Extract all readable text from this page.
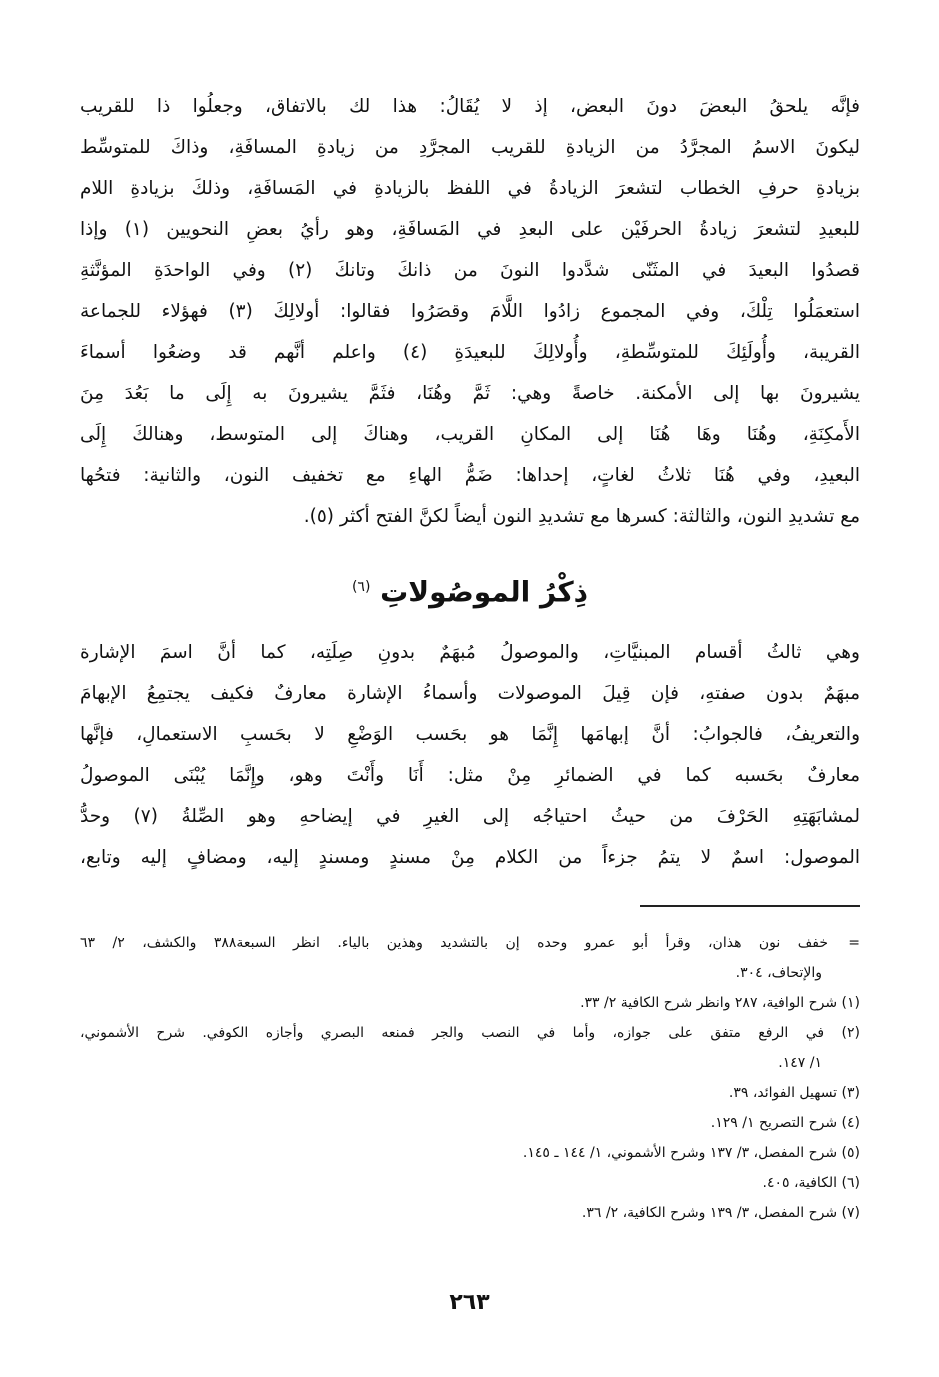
فإنَّه يلحقُ البعضَ دونَ البعض، إذ لا يُقَالُ: هذا لك بالاتفاق، وجعلُوا ذا للقريب
ليكونَ الاسمُ المجرَّدُ من الزيادةِ للقريب المجرَّدِ من زيادةِ المسافَةِ، وذاكَ للمتوسِّط
بزيادةِ حرفِ الخطاب لتشعرَ الزيادةُ في اللفظ بالزيادةِ في المَسافَةِ، وذلكَ بزيادةِ اللام
للبعيدِ لتشعرَ زيادةُ الحرفَيْن على البعدِ في المَسافَةِ، وهو رأيُ بعضِ النحويين (١) وإذا
قصدُوا البعيدَ في المثَنّى شدَّدوا النونَ من ذانكَ وتانكَ (٢) وفي الواحدَةِ المؤنَّثةِ
استعمَلُوا تِلْكَ، وفي المجموع زادُوا اللَّامَ وقصَرُوا فقالوا: أولالِكَ (٣) فهؤلاء للجماعة
القريبة، وأُولَئِكَ للمتوسِّطةِ، وأُولالِكَ للبعيدَةِ (٤) واعلم أنَّهم قد وضعُوا أسماءَ
يشيرونَ بها إلى الأمكنة. خاصةً وهي: ثَمَّ وهُنَا، فثَمَّ يشيرونَ به إِلَى ما بَعُدَ مِنَ
الأَمكِنَةِ، وهُنَا وهَا هُنَا إلى المكانِ القريب، وهناكَ إلى المتوسط، وهنالكَ إِلَى
البعيدِ، وفي هُنَا ثلاثُ لغاتٍ، إحداها: ضَمُّ الهاءِ مع تخفيف النون، والثانية: فتحُها
مع تشديدِ النون، والثالثة: كسرها مع تشديدِ النون أيضاً لكنَّ الفتح أكثر (٥).
ذِكْرُ الموصُولاتِ $^{(٦)}$
وهي ثالثُ أقسام المبنيَّاتِ، والموصولُ مُبهَمٌ بدونِ صِلَتِه، كما أنَّ اسمَ الإشارة
مبهَمٌ بدون صفتهِ، فإن قِيلَ الموصولات وأسماءُ الإشارة معارفٌ فكيف يجتمِعُ الإبهامَ
والتعريفُ، فالجوابُ: أنَّ إبهامَها إِنَّمَا هو بحَسب الوَضْعِ لا بحَسبِ الاستعمالِ، فإنَّها
معارفٌ بحَسبه كما في الضمائرِ مِنْ مثل: أَنَا وأَنْتَ وهو، وإِنَّمَا يُبْنَى الموصولُ
لمشابَهَتِهِ الحَرْفَ من حيثُ احتياجُه إلى الغيرِ في إيضاحهِ وهو الصِّلةُ (٧) وحدُّ
الموصول: اسمٌ لا يتمُ جزءاً من الكلام مِنْ مسندٍ ومسندٍ إليه، ومضافٍ إليه وتابع،
=خفف نون هذان، وقرأ أبو عمرو وحده إن بالتشديد وهذين بالياء. انظر السبعة٣٨٨ والكشف، ٢/ ٦٣
والإتحاف، ٣٠٤.
(١) شرح الوافية، ٢٨٧ وانظر شرح الكافية ٢/ ٣٣.
(٢) في الرفع متفق على جوازه، وأما في النصب والجر فمنعه البصري وأجازه الكوفي. شرح الأشموني،
١/ ١٤٧.
(٣) تسهيل الفوائد، ٣٩.
(٤) شرح التصريح ١/ ١٢٩.
(٥) شرح المفصل، ٣/ ١٣٧ وشرح الأشموني، ١/ ١٤٤ ـ ١٤٥.
(٦) الكافية، ٤٠٥.
(٧) شرح المفصل، ٣/ ١٣٩ وشرح الكافية، ٢/ ٣٦.
٢٦٣
